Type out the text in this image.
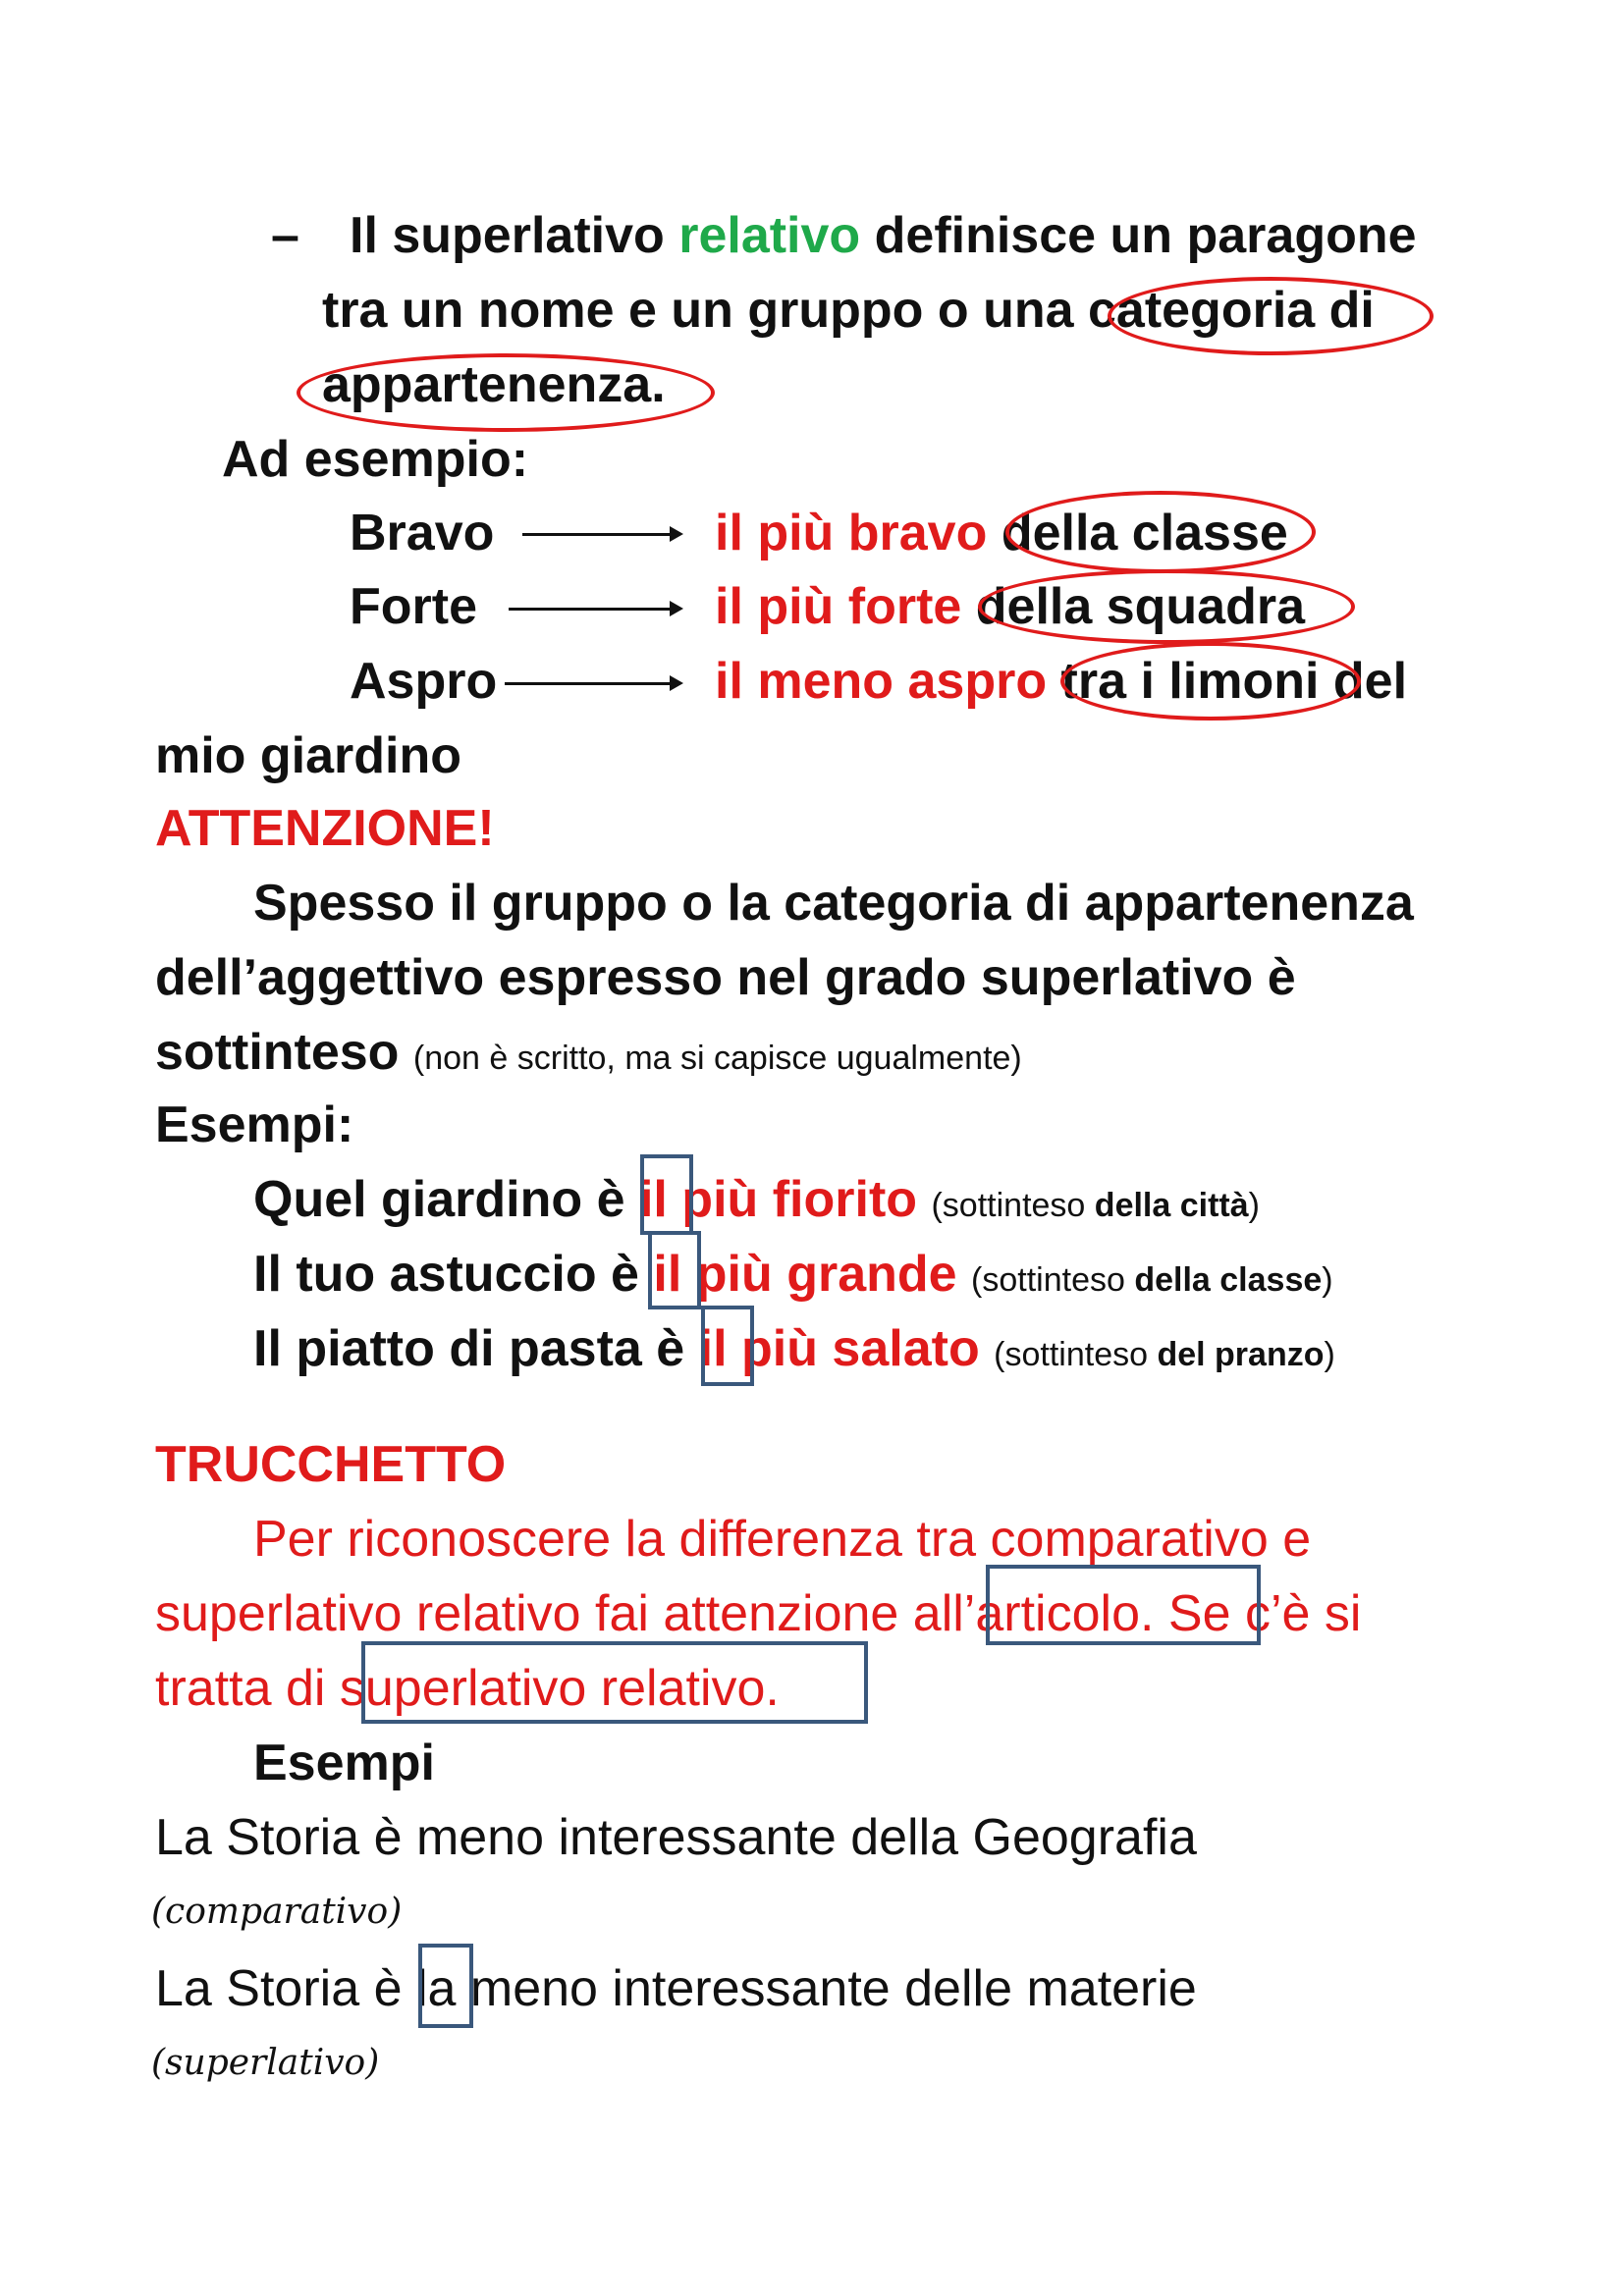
– Il superlativo relativo definisce un paragone
tra un nome e un gruppo o una categoria di
appartenenza.
Ad esempio:
Bravo	il più bravo della classe
Forte	il più forte della squadra
Aspro	il meno aspro tra i limoni del
mio giardino
ATTENZIONE!
Spesso il gruppo o la categoria di appartenenza
dell’aggettivo espresso nel grado superlativo è
sottinteso (non è scritto, ma si capisce ugualmente)
Esempi:
Quel giardino è il più fiorito (sottinteso della città)
Il tuo astuccio è il più grande (sottinteso della classe)
Il piatto di pasta è il più salato (sottinteso del pranzo)
TRUCCHETTO
Per riconoscere la differenza tra comparativo e
superlativo relativo fai attenzione all’articolo. Se c’è si
tratta di superlativo relativo.
Esempi
La Storia è meno interessante della Geografia
(comparativo)
La Storia è la meno interessante delle materie
(superlativo)
